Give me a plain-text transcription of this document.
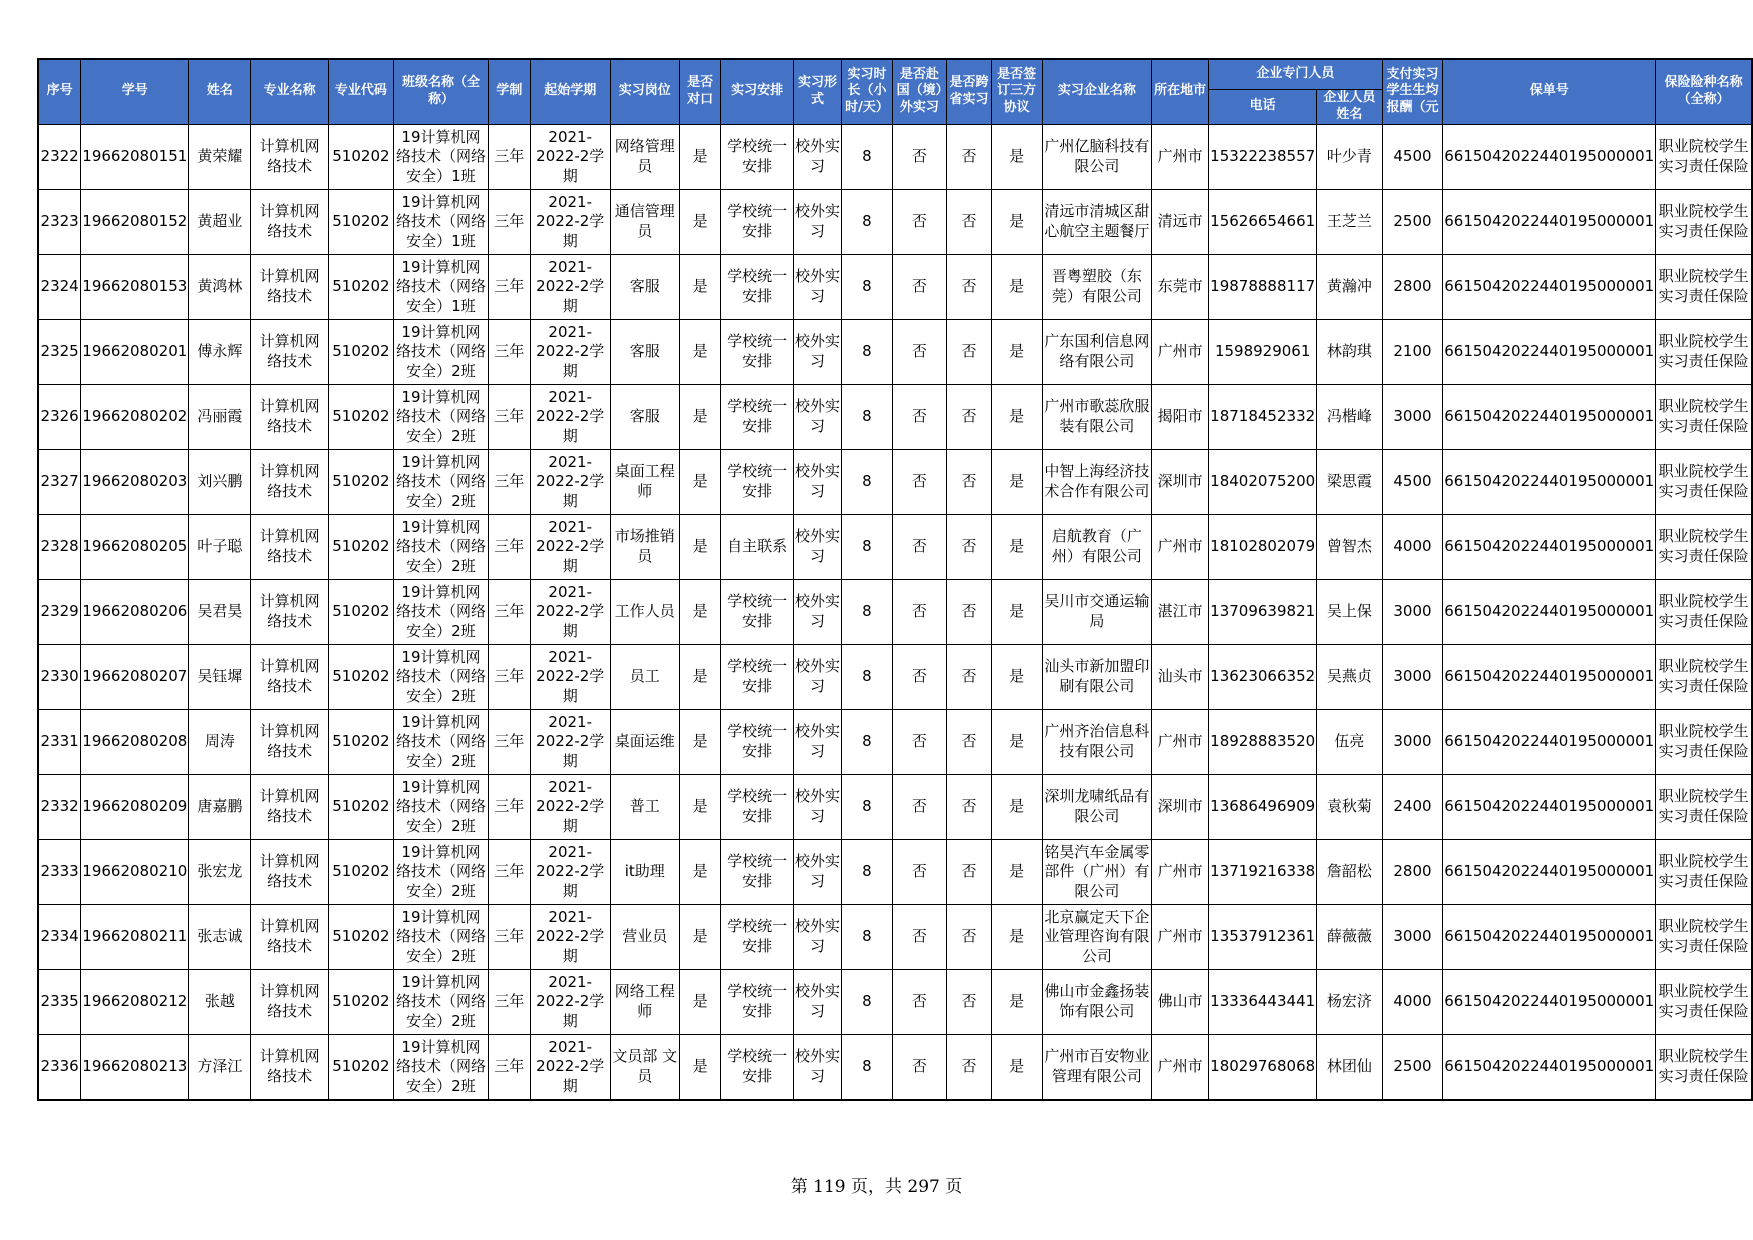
序号	学号	姓名	专业名称	专业代码	班级名称（全称）	学制	起始学期	实习岗位	是否对口	实习安排	实习形式	实习时长（小时/天）	是否赴国（境）外实习	是否跨省实习	是否签订三方协议	实习企业名称	所在地市	企业专门人员		支付实习学生生均报酬（元	保单号	保险险种名称（全称）
																		电话	企业人员姓名			
2322	19662080151	黄荣耀	计算机网络技术	510202	19计算机网络技术（网络安全）1班	三年	2021-2022-2学期	网络管理员	是	学校统一安排	校外实习	8	否	否	是	广州亿脑科技有限公司	广州市	15322238557	叶少青	4500	6615042022440195000001	职业院校学生实习责任保险
2323	19662080152	黄超业	计算机网络技术	510202	19计算机网络技术（网络安全）1班	三年	2021-2022-2学期	通信管理员	是	学校统一安排	校外实习	8	否	否	是	清远市清城区甜心航空主题餐厅	清远市	15626654661	王芝兰	2500	6615042022440195000001	职业院校学生实习责任保险
2324	19662080153	黄鸿林	计算机网络技术	510202	19计算机网络技术（网络安全）1班	三年	2021-2022-2学期	客服	是	学校统一安排	校外实习	8	否	否	是	晋粤塑胶（东莞）有限公司	东莞市	19878888117	黄瀚冲	2800	6615042022440195000001	职业院校学生实习责任保险
2325	19662080201	傅永辉	计算机网络技术	510202	19计算机网络技术（网络安全）2班	三年	2021-2022-2学期	客服	是	学校统一安排	校外实习	8	否	否	是	广东国利信息网络有限公司	广州市	1598929061	林韵琪	2100	6615042022440195000001	职业院校学生实习责任保险
2326	19662080202	冯丽霞	计算机网络技术	510202	19计算机网络技术（网络安全）2班	三年	2021-2022-2学期	客服	是	学校统一安排	校外实习	8	否	否	是	广州市歌蕊欣服装有限公司	揭阳市	18718452332	冯楷峰	3000	6615042022440195000001	职业院校学生实习责任保险
2327	19662080203	刘兴鹏	计算机网络技术	510202	19计算机网络技术（网络安全）2班	三年	2021-2022-2学期	桌面工程师	是	学校统一安排	校外实习	8	否	否	是	中智上海经济技术合作有限公司	深圳市	18402075200	梁思霞	4500	6615042022440195000001	职业院校学生实习责任保险
2328	19662080205	叶子聪	计算机网络技术	510202	19计算机网络技术（网络安全）2班	三年	2021-2022-2学期	市场推销员	是	自主联系	校外实习	8	否	否	是	启航教育（广州）有限公司	广州市	18102802079	曾智杰	4000	6615042022440195000001	职业院校学生实习责任保险
2329	19662080206	吴君昊	计算机网络技术	510202	19计算机网络技术（网络安全）2班	三年	2021-2022-2学期	工作人员	是	学校统一安排	校外实习	8	否	否	是	吴川市交通运输局	湛江市	13709639821	吴上保	3000	6615042022440195000001	职业院校学生实习责任保险
2330	19662080207	吴钰墀	计算机网络技术	510202	19计算机网络技术（网络安全）2班	三年	2021-2022-2学期	员工	是	学校统一安排	校外实习	8	否	否	是	汕头市新加盟印刷有限公司	汕头市	13623066352	吴燕贞	3000	6615042022440195000001	职业院校学生实习责任保险
2331	19662080208	周涛	计算机网络技术	510202	19计算机网络技术（网络安全）2班	三年	2021-2022-2学期	桌面运维	是	学校统一安排	校外实习	8	否	否	是	广州齐治信息科技有限公司	广州市	18928883520	伍亮	3000	6615042022440195000001	职业院校学生实习责任保险
2332	19662080209	唐嘉鹏	计算机网络技术	510202	19计算机网络技术（网络安全）2班	三年	2021-2022-2学期	普工	是	学校统一安排	校外实习	8	否	否	是	深圳龙啸纸品有限公司	深圳市	13686496909	袁秋菊	2400	6615042022440195000001	职业院校学生实习责任保险
2333	19662080210	张宏龙	计算机网络技术	510202	19计算机网络技术（网络安全）2班	三年	2021-2022-2学期	it助理	是	学校统一安排	校外实习	8	否	否	是	铭昊汽车金属零部件（广州）有限公司	广州市	13719216338	詹韶松	2800	6615042022440195000001	职业院校学生实习责任保险
2334	19662080211	张志诚	计算机网络技术	510202	19计算机网络技术（网络安全）2班	三年	2021-2022-2学期	营业员	是	学校统一安排	校外实习	8	否	否	是	北京赢定天下企业管理咨询有限公司	广州市	13537912361	薛薇薇	3000	6615042022440195000001	职业院校学生实习责任保险
2335	19662080212	张越	计算机网络技术	510202	19计算机网络技术（网络安全）2班	三年	2021-2022-2学期	网络工程师	是	学校统一安排	校外实习	8	否	否	是	佛山市金鑫扬装饰有限公司	佛山市	13336443441	杨宏济	4000	6615042022440195000001	职业院校学生实习责任保险
2336	19662080213	方泽江	计算机网络技术	510202	19计算机网络技术（网络安全）2班	三年	2021-2022-2学期	文员部 文员	是	学校统一安排	校外实习	8	否	否	是	广州市百安物业管理有限公司	广州市	18029768068	林团仙	2500	6615042022440195000001	职业院校学生实习责任保险
第 119 页，共 297 页
